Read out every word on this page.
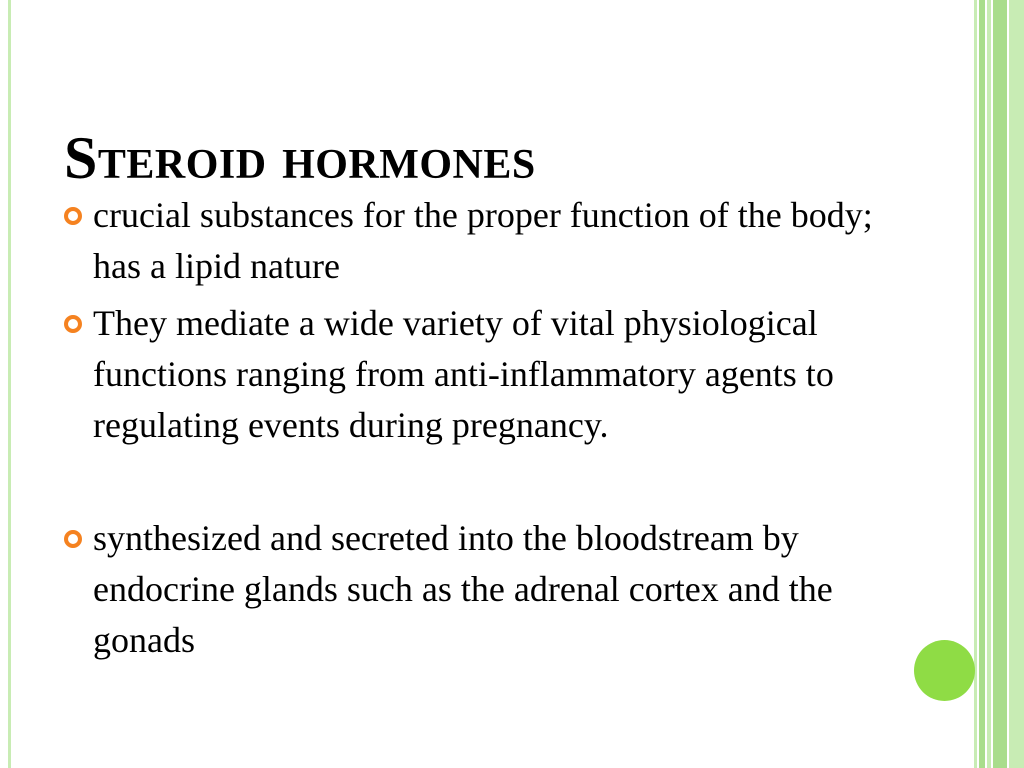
Steroid hormones
crucial substances for the proper function of the body; has a lipid nature
They mediate a wide variety of vital physiological functions ranging from anti-inflammatory agents to regulating events during pregnancy.
synthesized and secreted into the bloodstream by endocrine glands such as the adrenal cortex and the gonads
